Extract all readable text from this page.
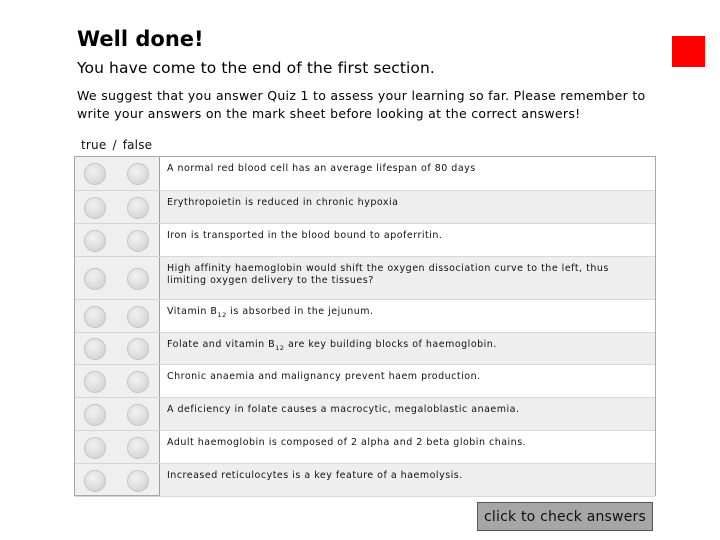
Well done!
You have come to the end of the first section.
We suggest that you answer Quiz 1 to assess your learning so far. Please remember to write your answers on the mark sheet before looking at the correct answers!
true / false
A normal red blood cell has an average lifespan of 80 days
Erythropoietin is reduced in chronic hypoxia
Iron is transported in the blood bound to apoferritin.
High affinity haemoglobin would shift the oxygen dissociation curve to the left, thus limiting oxygen delivery to the tissues?
Vitamin $B_{12}$ is absorbed in the jejunum.
Folate and vitamin $B_{12}$ are key building blocks of haemoglobin.
Chronic anaemia and malignancy prevent haem production.
A deficiency in folate causes a macrocytic, megaloblastic anaemia.
Adult haemoglobin is composed of 2 alpha and 2 beta globin chains.
Increased reticulocytes is a key feature of a haemolysis.
click to check answers
